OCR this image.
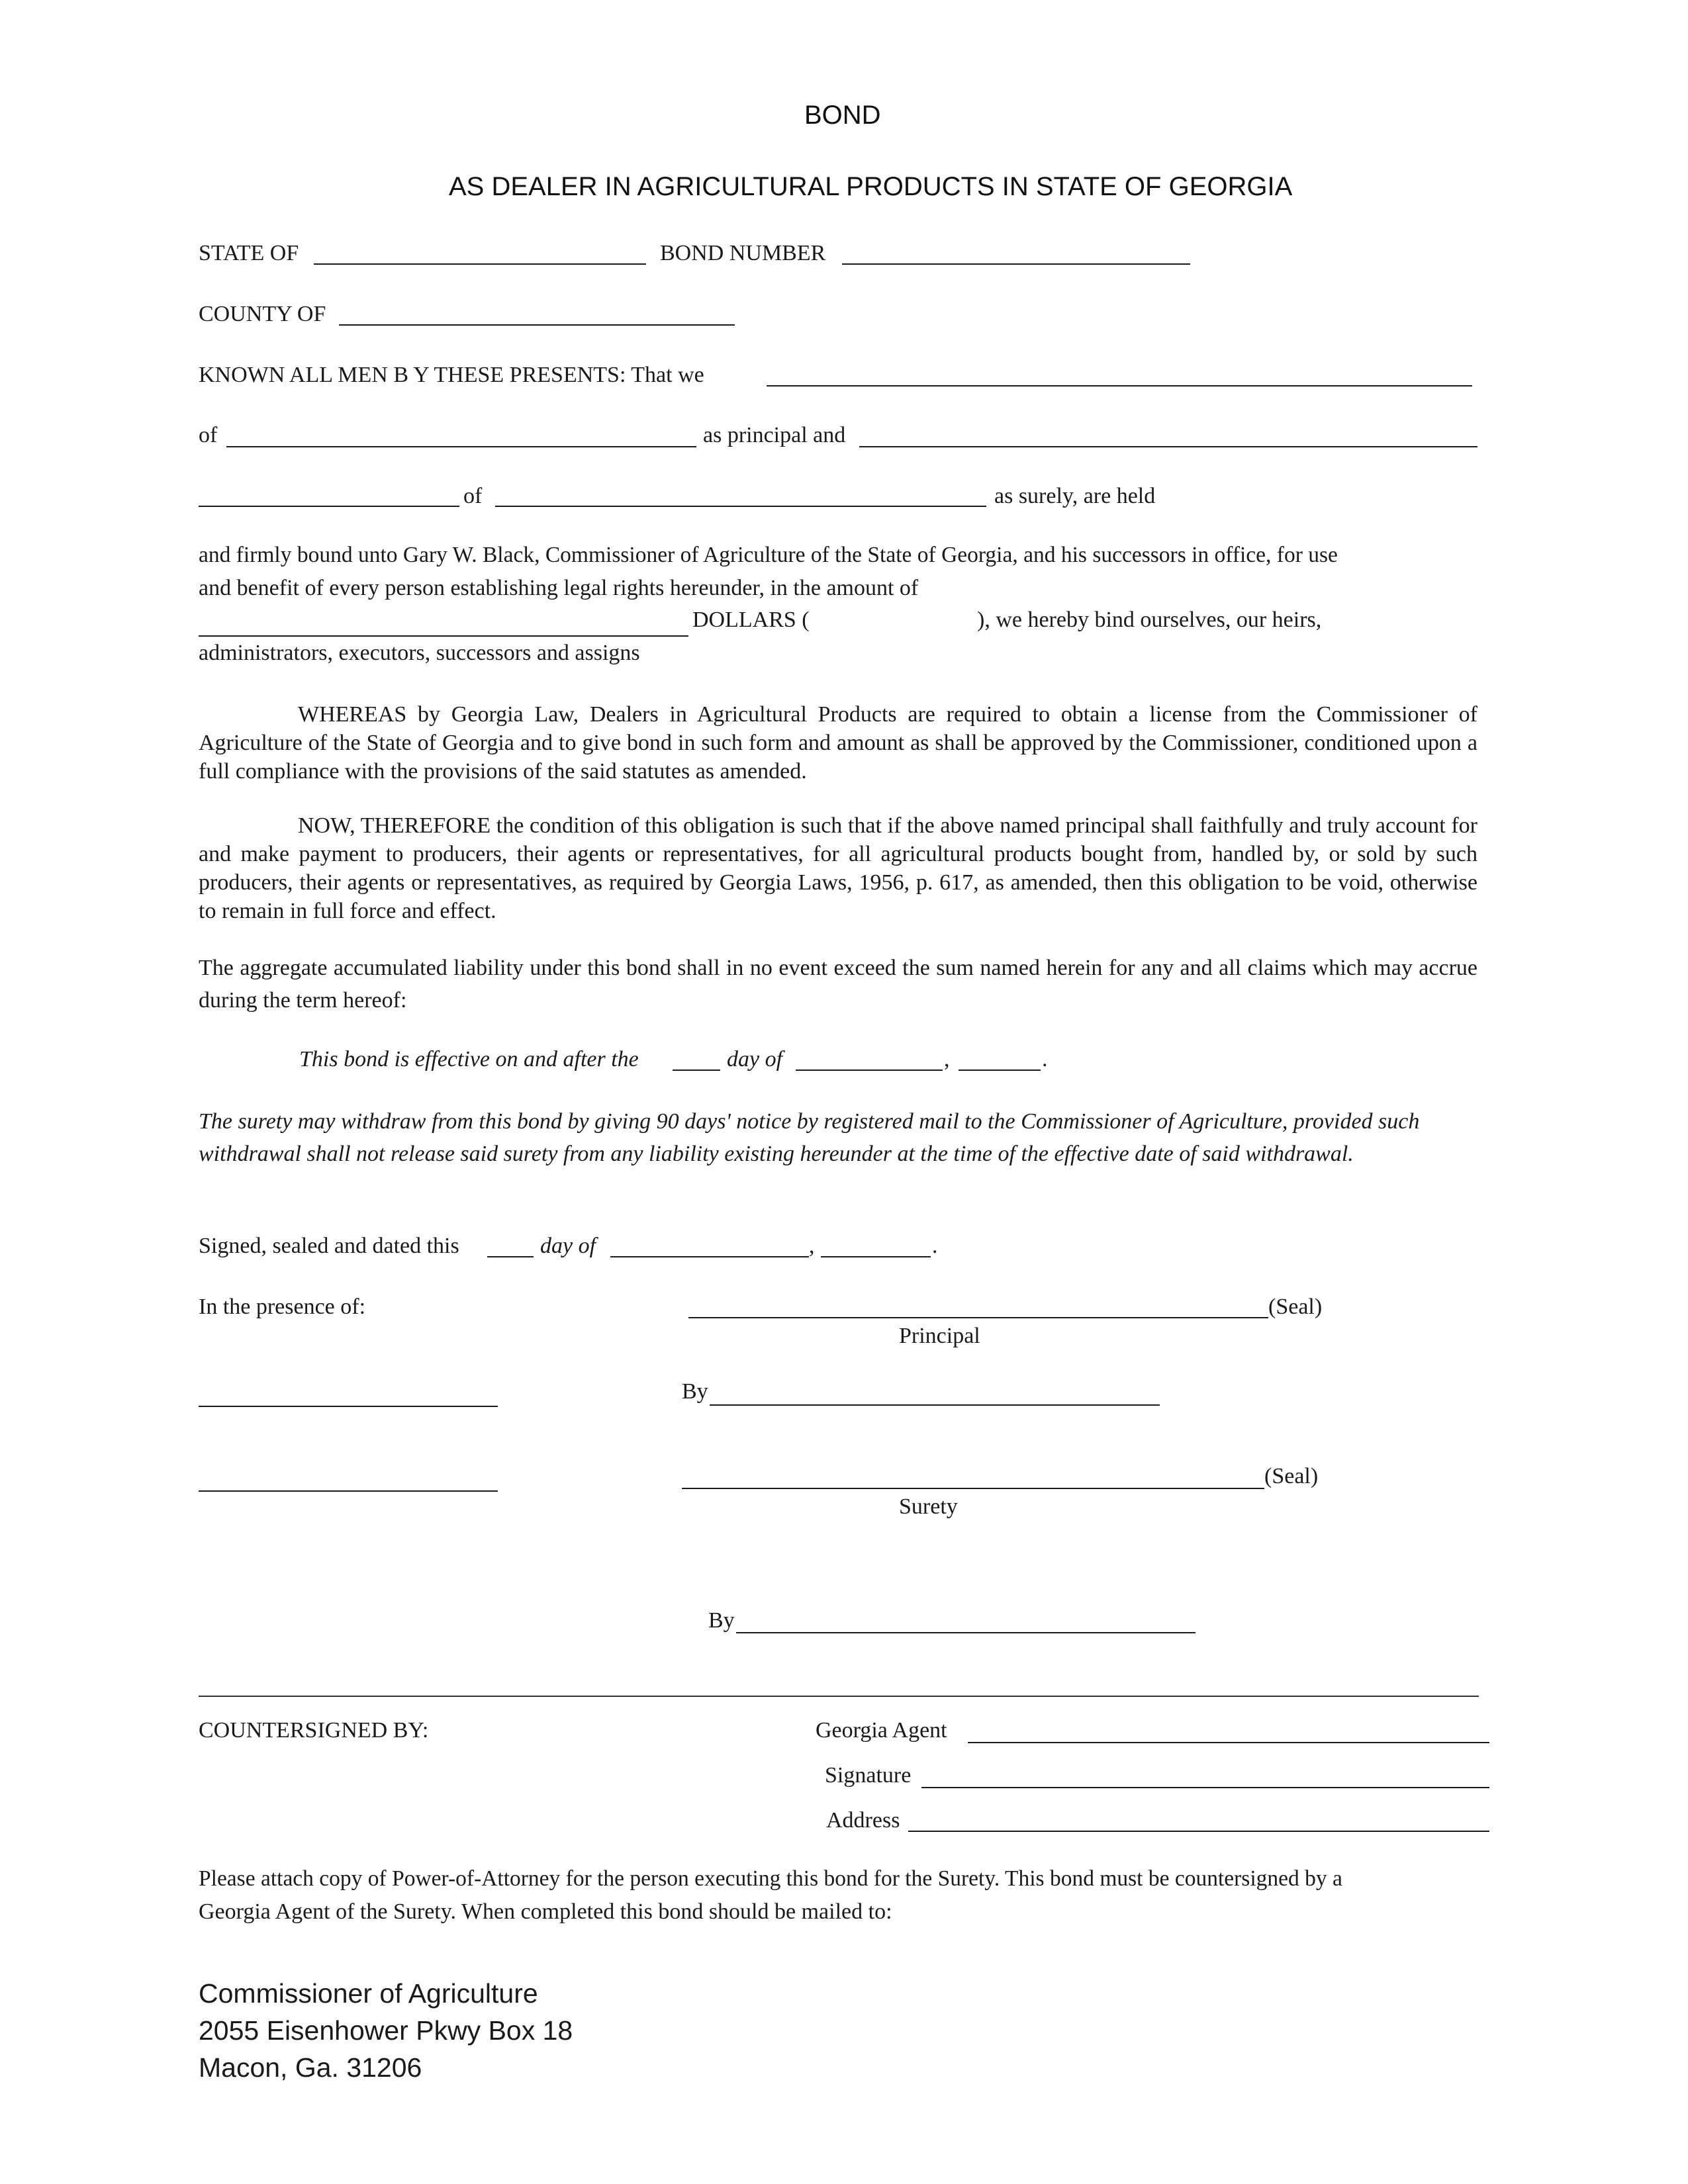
BOND
AS DEALER IN AGRICULTURAL PRODUCTS IN STATE OF GEORGIA
STATE OF	BOND NUMBER
COUNTY OF
KNOWN ALL MEN B Y THESE PRESENTS: That we
of	as principal and
of	as surely, are held
and firmly bound unto Gary W. Black, Commissioner of Agriculture of the State of Georgia, and his successors in office, for use
and benefit of every person establishing legal rights hereunder, in the amount of
DOLLARS (	), we hereby bind ourselves, our heirs,
administrators, executors, successors and assigns
WHEREAS by Georgia Law, Dealers in Agricultural Products are required to obtain a license from the Commissioner of Agriculture of the State of Georgia and to give bond in such form and amount as shall be approved by the Commissioner, conditioned upon a full compliance with the provisions of the said statutes as amended.
NOW, THEREFORE the condition of this obligation is such that if the above named principal shall faithfully and truly account for and make payment to producers, their agents or representatives, for all agricultural products bought from, handled by, or sold by such producers, their agents or representatives, as required by Georgia Laws, 1956, p. 617, as amended, then this obligation to be void, otherwise to remain in full force and effect.
The aggregate accumulated liability under this bond shall in no event exceed the sum named herein for any and all claims which may accrue during the term hereof:
This bond is effective on and after the	day of	,	.
The surety may withdraw from this bond by giving 90 days' notice by registered mail to the Commissioner of Agriculture, provided such withdrawal shall not release said surety from any liability existing hereunder at the time of the effective date of said withdrawal.
Signed, sealed and dated this	day of	,	.
In the presence of:	(Seal)
Principal
By
(Seal)
Surety
By
COUNTERSIGNED BY:	Georgia Agent
Signature
Address
Please attach copy of Power-of-Attorney for the person executing this bond for the Surety. This bond must be countersigned by a
Georgia Agent of the Surety. When completed this bond should be mailed to:
Commissioner of Agriculture
2055 Eisenhower Pkwy Box 18
Macon, Ga. 31206
